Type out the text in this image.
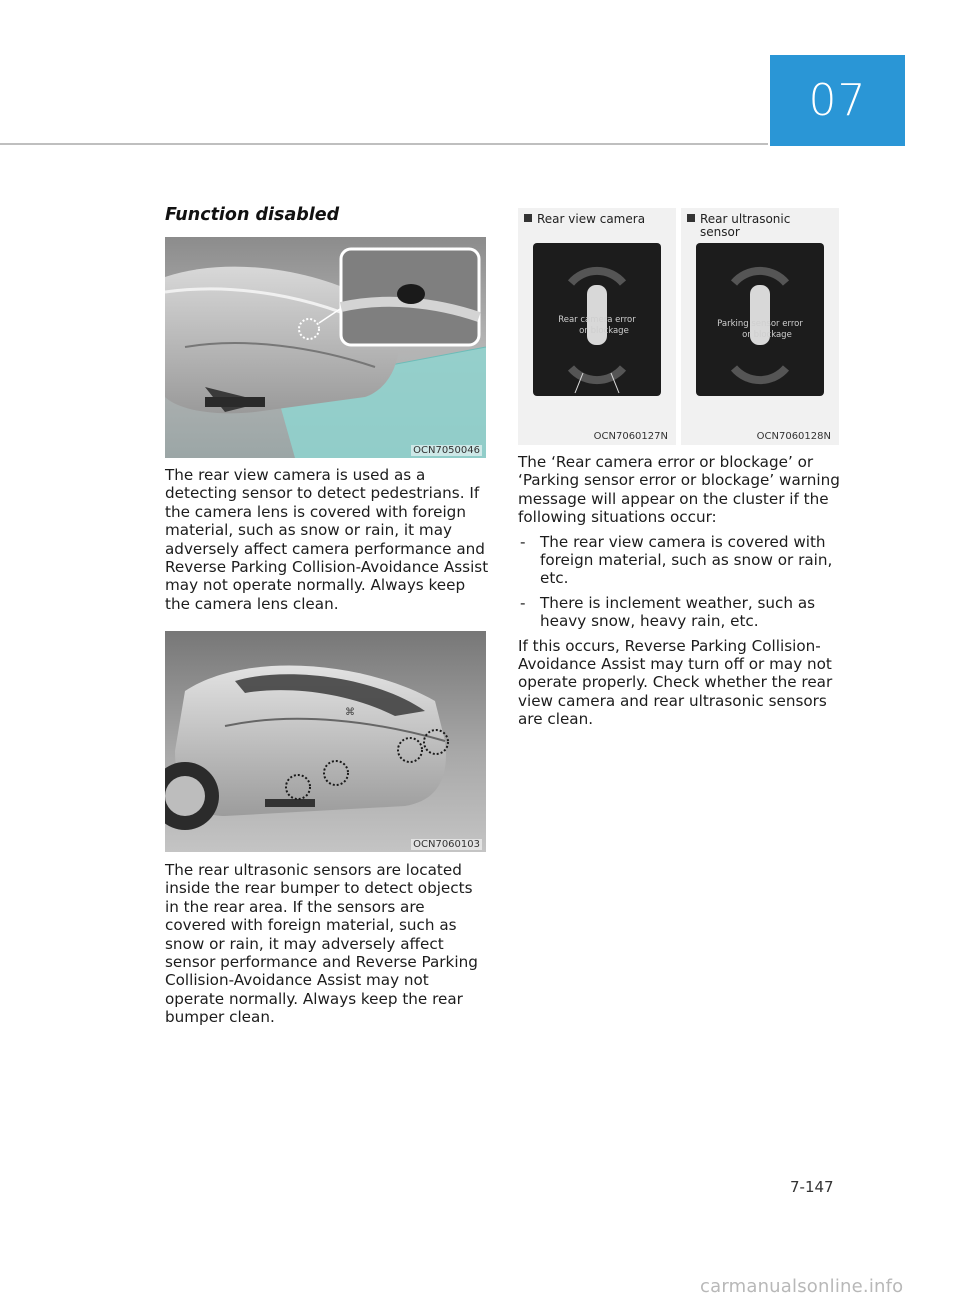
07
Function disabled
OCN7050046

The rear view camera is used as a detecting sensor to detect pedestrians. If the camera lens is covered with foreign material, such as snow or rain, it may adversely affect camera performance and Reverse Parking Collision-Avoidance Assist may not operate normally. Always keep the camera lens clean.

⌘
OCN7060103

The rear ultrasonic sensors are located inside the rear bumper to detect objects in the rear area. If the sensors are covered with foreign material, such as snow or rain, it may adversely affect sensor performance and Reverse Parking Collision-Avoidance Assist may not operate normally. Always keep the rear bumper clean.

Rear view camera
Rear camera error
or blockage
OCN7060127N
Rear ultrasonic
sensor
Parking sensor error
or blockage
OCN7060128N

The ‘Rear camera error or blockage’ or ‘Parking sensor error or blockage’ warning message will appear on the cluster if the following situations occur:

- The rear view camera is covered with foreign material, such as snow or rain, etc.
- There is inclement weather, such as heavy snow, heavy rain, etc.

If this occurs, Reverse Parking Collision-Avoidance Assist may turn off or may not operate properly. Check whether the rear view camera and rear ultrasonic sensors are clean.

7-147
carmanualsonline.info
